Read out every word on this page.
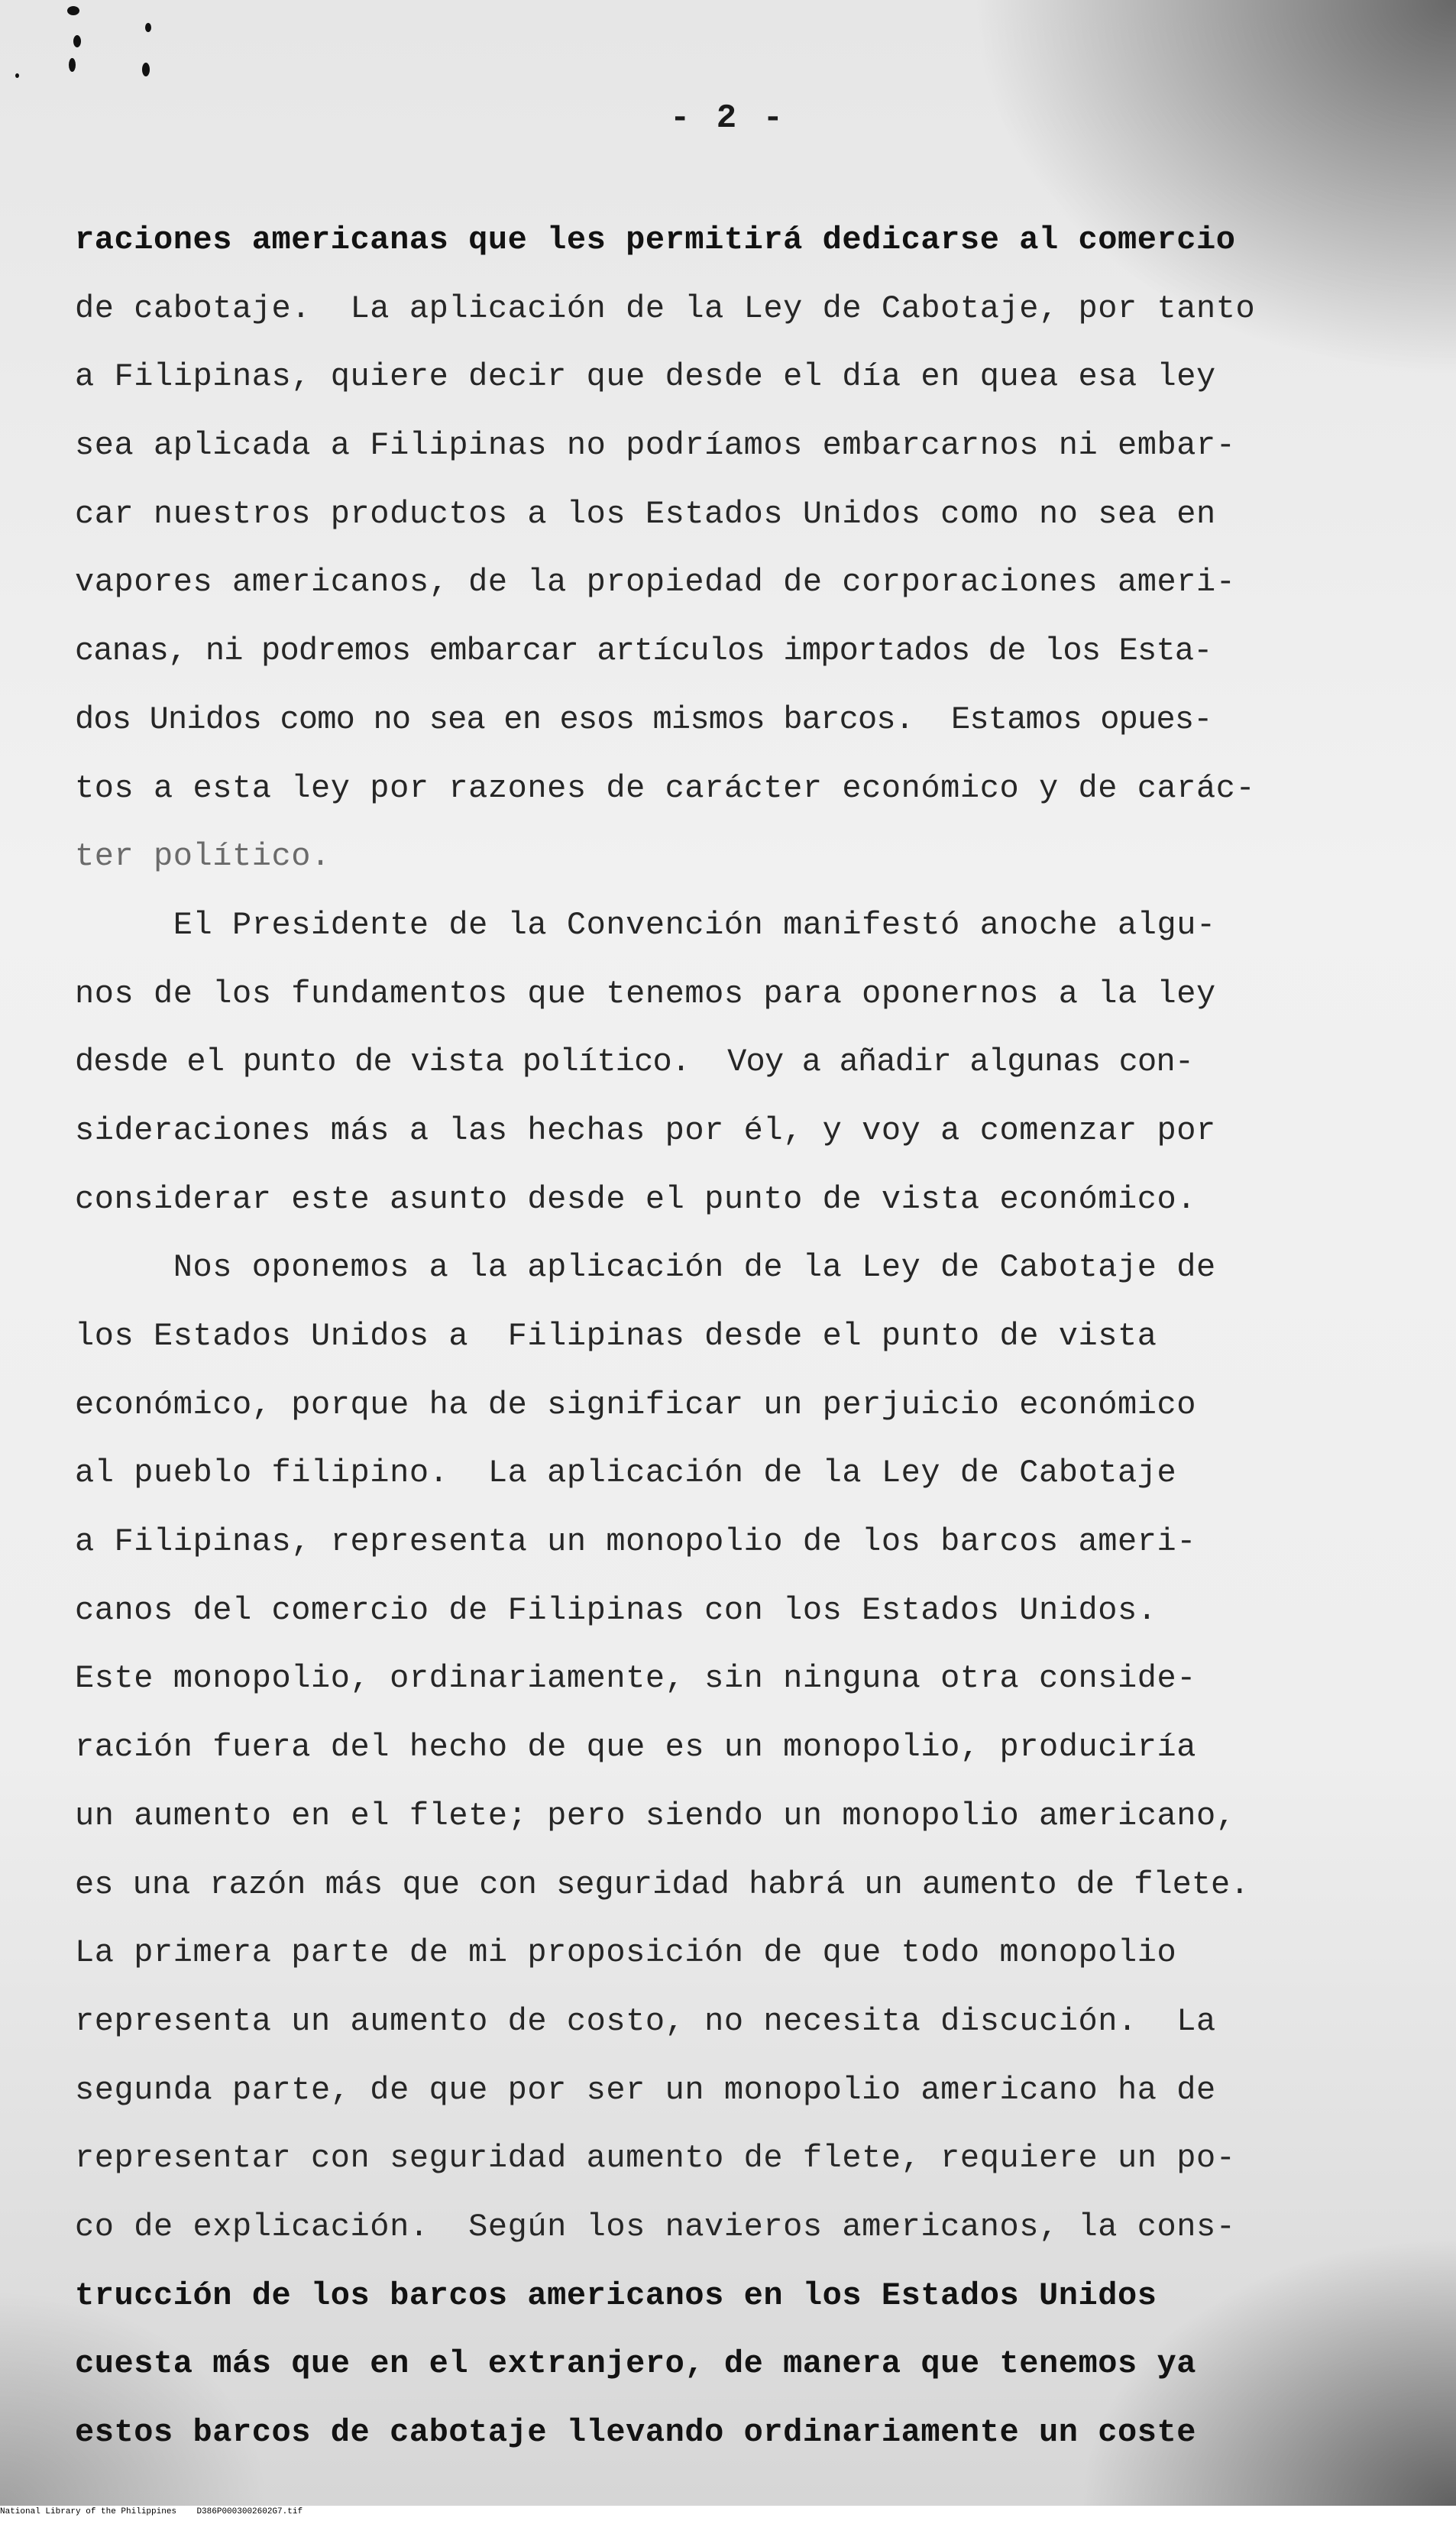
- 2 -
raciones americanas que les permitirá dedicarse al comercio
de cabotaje.  La aplicación de la Ley de Cabotaje, por tanto
a Filipinas, quiere decir que desde el día en quea esa ley
sea aplicada a Filipinas no podríamos embarcarnos ni embar-
car nuestros productos a los Estados Unidos como no sea en
vapores americanos, de la propiedad de corporaciones ameri-
canas, ni podremos embarcar artículos importados de los Esta-
dos Unidos como no sea en esos mismos barcos.  Estamos opues-
tos a esta ley por razones de carácter económico y de carác-
ter político.
El Presidente de la Convención manifestó anoche algu-
nos de los fundamentos que tenemos para oponernos a la ley
desde el punto de vista político.  Voy a añadir algunas con-
sideraciones más a las hechas por él, y voy a comenzar por
considerar este asunto desde el punto de vista económico.
Nos oponemos a la aplicación de la Ley de Cabotaje de
los Estados Unidos a  Filipinas desde el punto de vista
económico, porque ha de significar un perjuicio económico
al pueblo filipino.  La aplicación de la Ley de Cabotaje
a Filipinas, representa un monopolio de los barcos ameri-
canos del comercio de Filipinas con los Estados Unidos.
Este monopolio, ordinariamente, sin ninguna otra conside-
ración fuera del hecho de que es un monopolio, produciría
un aumento en el flete; pero siendo un monopolio americano,
es una razón más que con seguridad habrá un aumento de flete.
La primera parte de mi proposición de que todo monopolio
representa un aumento de costo, no necesita discución.  La
segunda parte, de que por ser un monopolio americano ha de
representar con seguridad aumento de flete, requiere un po-
co de explicación.  Según los navieros americanos, la cons-
trucción de los barcos americanos en los Estados Unidos
cuesta más que en el extranjero, de manera que tenemos ya
estos barcos de cabotaje llevando ordinariamente un coste
National Library of the Philippines    D386P0003002602G7.tif
